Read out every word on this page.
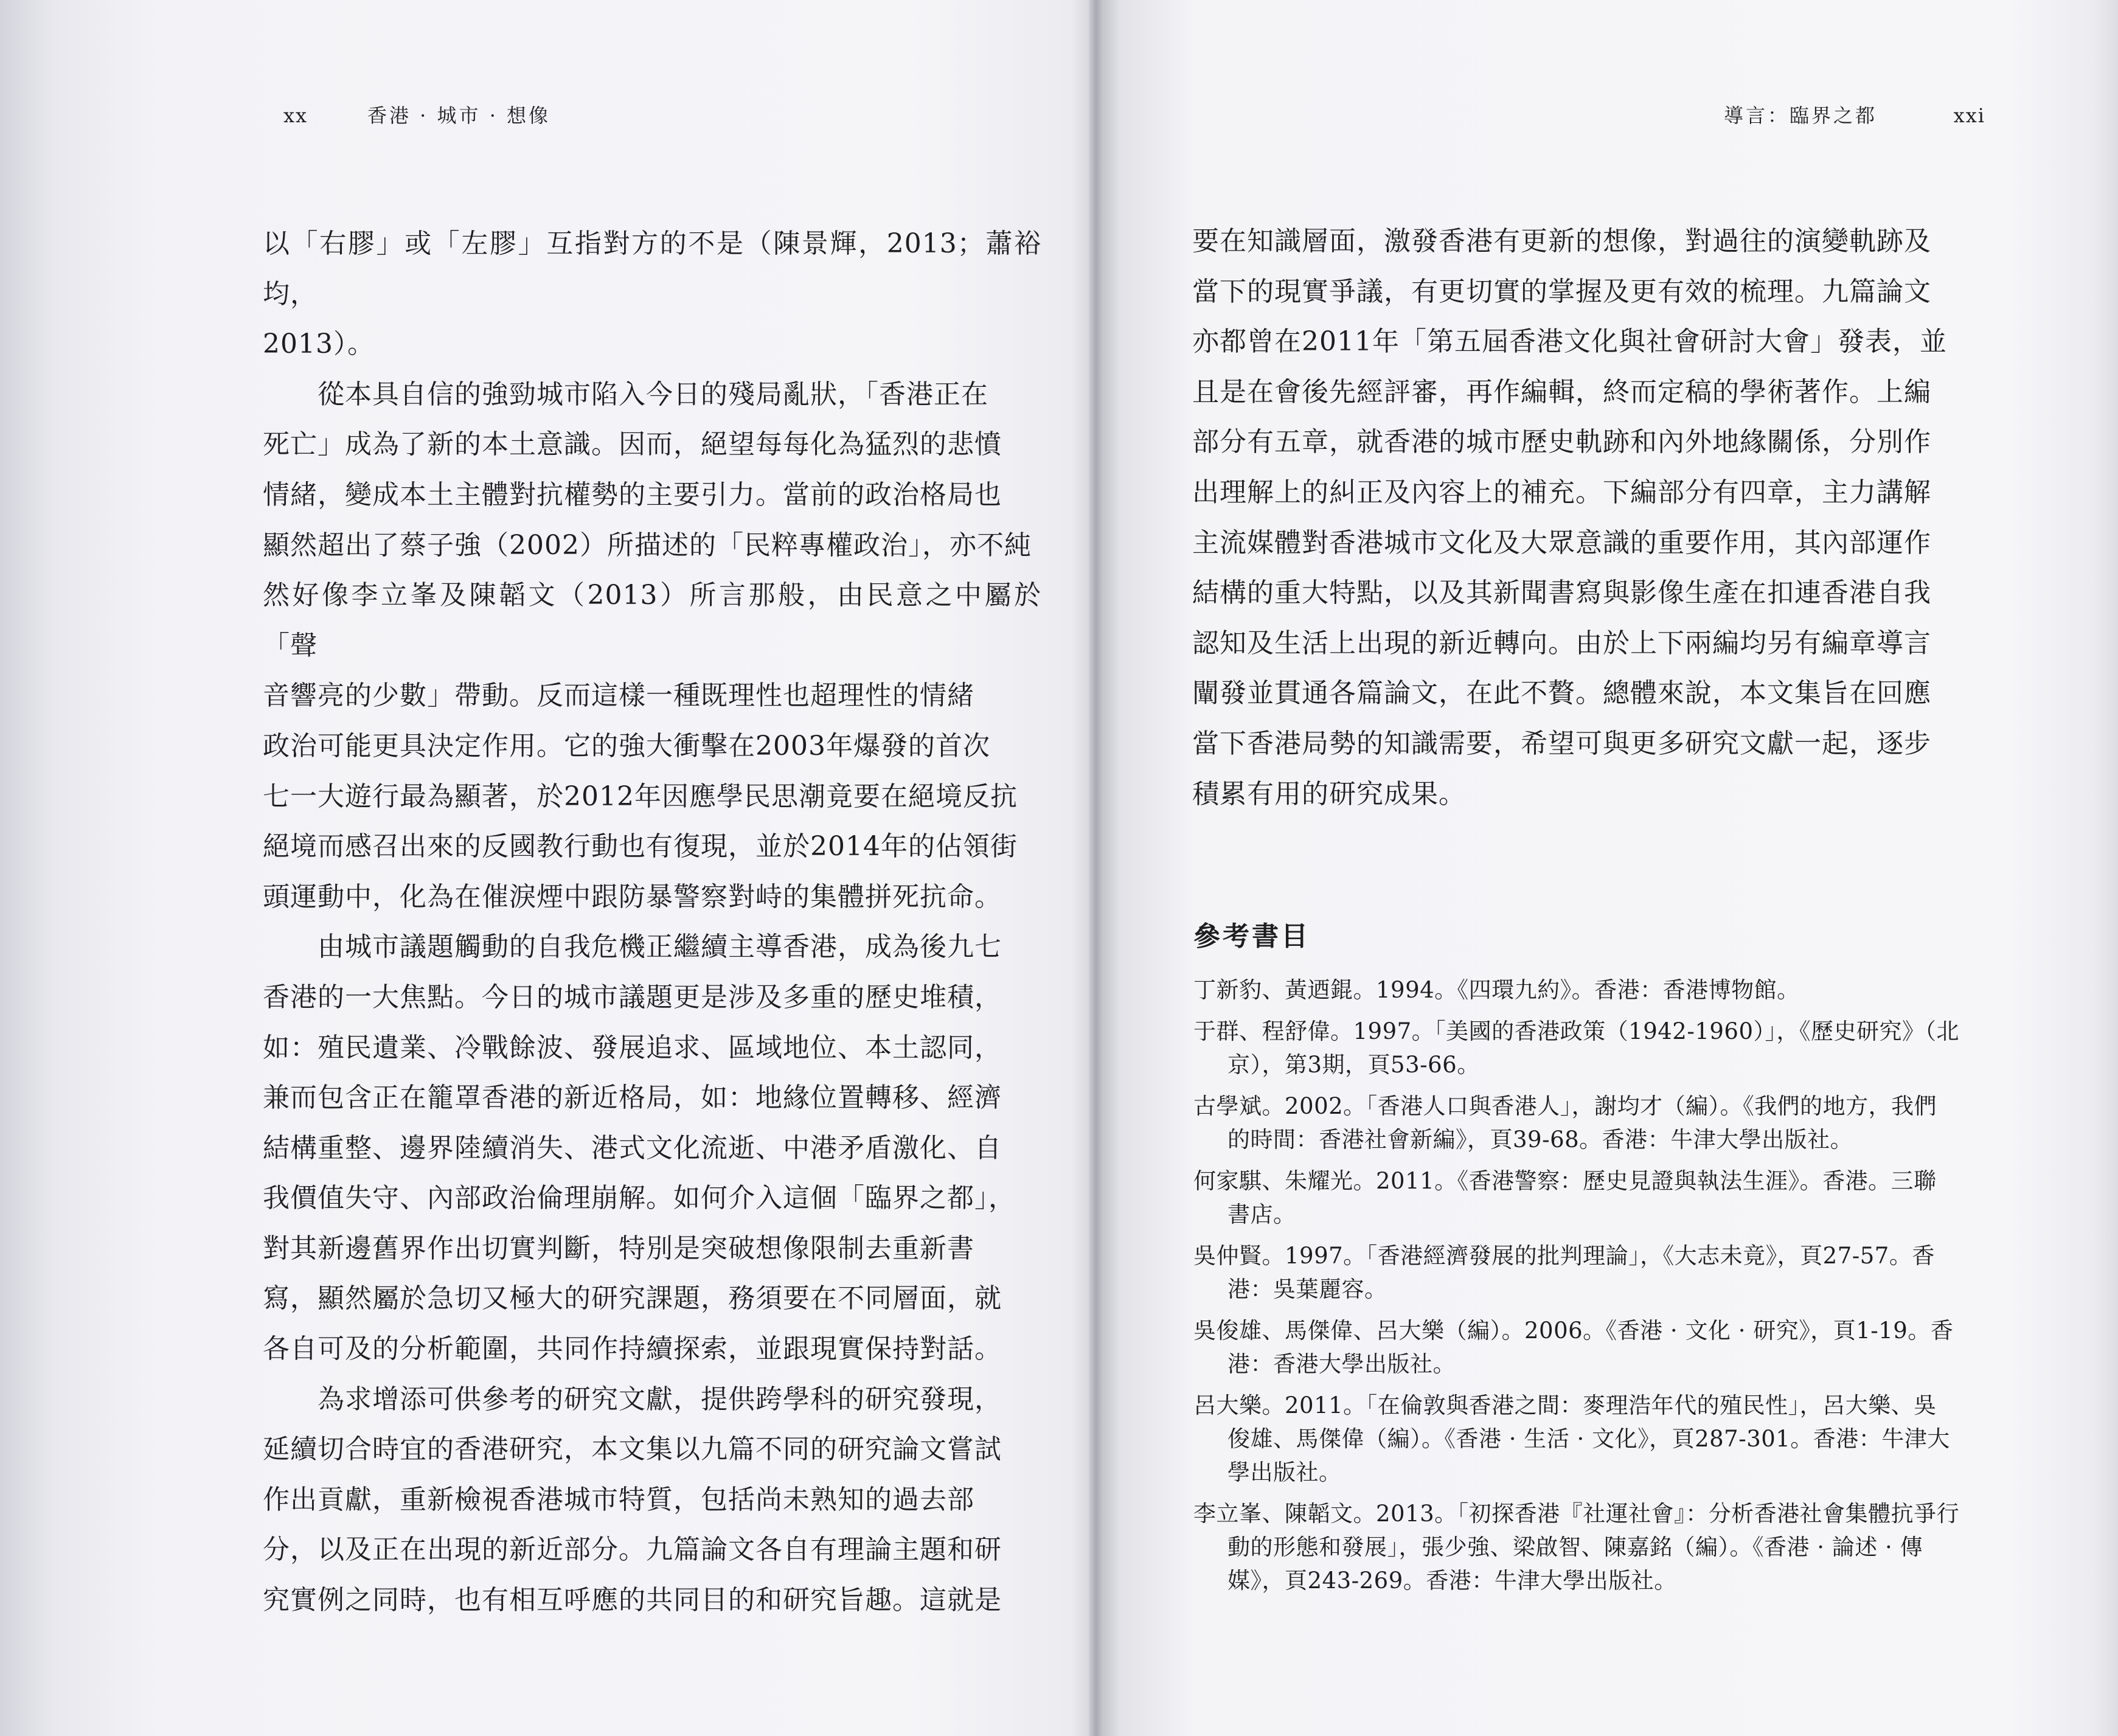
xx	香港 · 城市 · 想像
以「右膠」或「左膠」互指對方的不是（陳景輝，2013；蕭裕均，
2013）。
　　從本具自信的強勁城市陷入今日的殘局亂狀，「香港正在
死亡」成為了新的本土意識。因而，絕望每每化為猛烈的悲憤
情緒，變成本土主體對抗權勢的主要引力。當前的政治格局也
顯然超出了蔡子強（2002）所描述的「民粹專權政治」，亦不純
然好像李立峯及陳韜文（2013）所言那般，由民意之中屬於「聲
音響亮的少數」帶動。反而這樣一種既理性也超理性的情緒
政治可能更具決定作用。它的強大衝擊在2003年爆發的首次
七一大遊行最為顯著，於2012年因應學民思潮竟要在絕境反抗
絕境而感召出來的反國教行動也有復現，並於2014年的佔領街
頭運動中，化為在催淚煙中跟防暴警察對峙的集體拼死抗命。
　　由城市議題觸動的自我危機正繼續主導香港，成為後九七
香港的一大焦點。今日的城市議題更是涉及多重的歷史堆積，
如：殖民遺業、冷戰餘波、發展追求、區域地位、本土認同，
兼而包含正在籠罩香港的新近格局，如：地緣位置轉移、經濟
結構重整、邊界陸續消失、港式文化流逝、中港矛盾激化、自
我價值失守、內部政治倫理崩解。如何介入這個「臨界之都」，
對其新邊舊界作出切實判斷，特別是突破想像限制去重新書
寫，顯然屬於急切又極大的研究課題，務須要在不同層面，就
各自可及的分析範圍，共同作持續探索，並跟現實保持對話。
　　為求增添可供參考的研究文獻，提供跨學科的研究發現，
延續切合時宜的香港研究，本文集以九篇不同的研究論文嘗試
作出貢獻，重新檢視香港城市特質，包括尚未熟知的過去部
分，以及正在出現的新近部分。九篇論文各自有理論主題和研
究實例之同時，也有相互呼應的共同目的和研究旨趣。這就是
導言：臨界之都	xxi
要在知識層面，激發香港有更新的想像，對過往的演變軌跡及
當下的現實爭議，有更切實的掌握及更有效的梳理。九篇論文
亦都曾在2011年「第五屆香港文化與社會研討大會」發表，並
且是在會後先經評審，再作編輯，終而定稿的學術著作。上編
部分有五章，就香港的城市歷史軌跡和內外地緣關係，分別作
出理解上的糾正及內容上的補充。下編部分有四章，主力講解
主流媒體對香港城市文化及大眾意識的重要作用，其內部運作
結構的重大特點，以及其新聞書寫與影像生產在扣連香港自我
認知及生活上出現的新近轉向。由於上下兩編均另有編章導言
闡發並貫通各篇論文，在此不贅。總體來說，本文集旨在回應
當下香港局勢的知識需要，希望可與更多研究文獻一起，逐步
積累有用的研究成果。
參考書目
丁新豹、黃迺錕。1994。《四環九約》。香港：香港博物館。
于群、程舒偉。1997。「美國的香港政策（1942-1960）」，《歷史研究》（北
京），第3期，頁53-66。
古學斌。2002。「香港人口與香港人」，謝均才（編）。《我們的地方，我們
的時間：香港社會新編》，頁39-68。香港：牛津大學出版社。
何家騏、朱耀光。2011。《香港警察：歷史見證與執法生涯》。香港。三聯
書店。
吳仲賢。1997。「香港經濟發展的批判理論」，《大志未竟》，頁27-57。香
港：吳葉麗容。
吳俊雄、馬傑偉、呂大樂（編）。2006。《香港 · 文化 · 研究》，頁1-19。香
港：香港大學出版社。
呂大樂。2011。「在倫敦與香港之間：麥理浩年代的殖民性」，呂大樂、吳
俊雄、馬傑偉（編）。《香港 · 生活 · 文化》，頁287-301。香港：牛津大
學出版社。
李立峯、陳韜文。2013。「初探香港『社運社會』：分析香港社會集體抗爭行
動的形態和發展」，張少強、梁啟智、陳嘉銘（編）。《香港 · 論述 · 傳
媒》，頁243-269。香港：牛津大學出版社。
